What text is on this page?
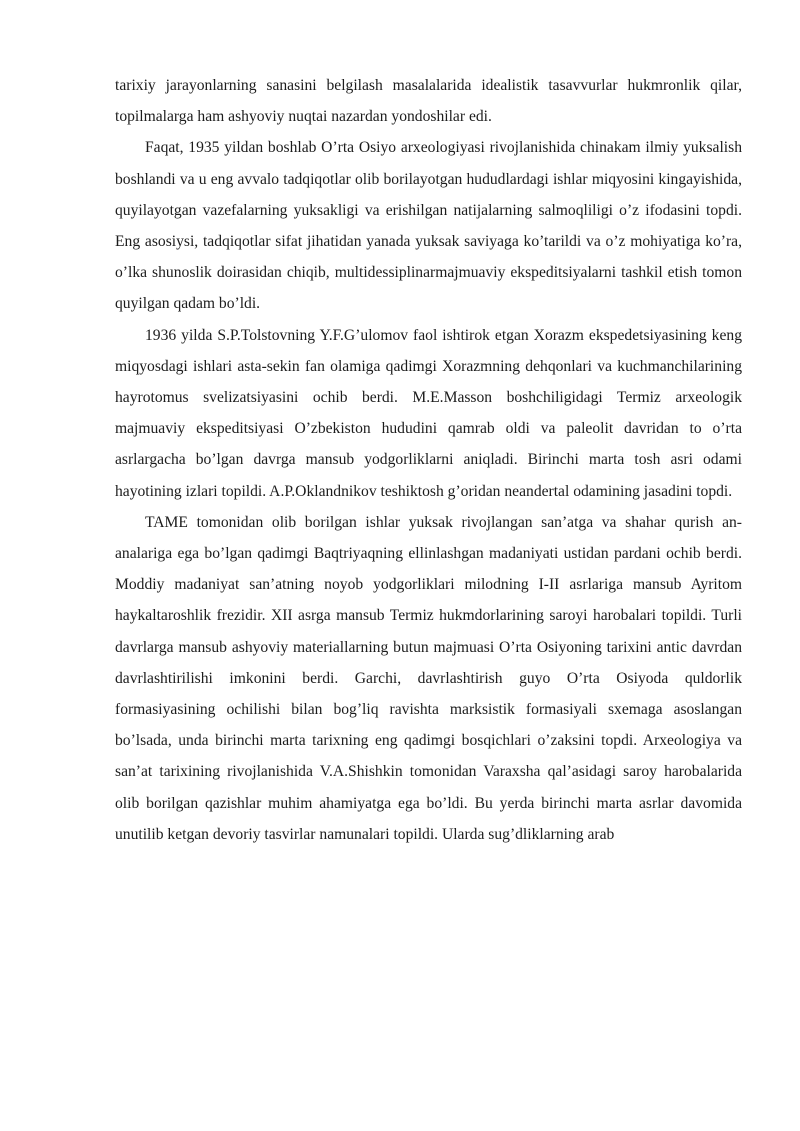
tarixiy jarayonlarning sanasini belgilash masalalarida idealistik tasavvurlar hukmronlik qilar, topilmalarga ham ashyoviy nuqtai nazardan yondoshilar edi.

Faqat, 1935 yildan boshlab O’rta Osiyo arxeologiyasi rivojlanishida chinakam ilmiy yuksalish boshlandi va u eng avvalo tadqiqotlar olib borilayotgan hududlardagi ishlar miqyosini kingayishida, quyilayotgan vazefalarning yuksakligi va erishilgan natijalarning salmoqliligi o’z ifodasini topdi. Eng asosiysi, tadqiqotlar sifat jihatidan yanada yuksak saviyaga ko’tarildi va o’z mohiyatiga ko’ra, o’lka shunoslik doirasidan chiqib, multidessiplinarmajmuaviy ekspeditsiyalarni tashkil etish tomon quyilgan qadam bo’ldi.

1936 yilda S.P.Tolstovning Y.F.G’ulomov faol ishtirok etgan Xorazm ekspedetsiyasining keng miqyosdagi ishlari asta-sekin fan olamiga qadimgi Xorazmning dehqonlari va kuchmanchilarining hayrotomus svelizatsiyasini ochib berdi. M.E.Masson boshchiligidagi Termiz arxeologik majmuaviy ekspeditsiyasi O’zbekiston hududini qamrab oldi va paleolit davridan to o’rta asrlargacha bo’lgan davrga mansub yodgorliklarni aniqladi. Birinchi marta tosh asri odami hayotining izlari topildi. A.P.Oklandnikov teshiktosh g’oridan neandertal odamining jasadini topdi.

TAME tomonidan olib borilgan ishlar yuksak rivojlangan san’atga va shahar qurish an-analariga ega bo’lgan qadimgi Baqtriyaqning ellinlashgan madaniyati ustidan pardani ochib berdi. Moddiy madaniyat san’atning noyob yodgorliklari milodning I-II asrlariga mansub Ayritom haykaltaroshlik frezidir. XII asrga mansub Termiz hukmdorlarining saroyi harobalari topildi. Turli davrlarga mansub ashyoviy materiallarning butun majmuasi O’rta Osiyoning tarixini antic davrdan davrlashtirilishi imkonini berdi. Garchi, davrlashtirish guyo O’rta Osiyoda quldorlik formasiyasining ochilishi bilan bog’liq ravishta marksistik formasiyali sxemaga asoslangan bo’lsada, unda birinchi marta tarixning eng qadimgi bosqichlari o’zaksini topdi. Arxeologiya va san’at tarixining rivojlanishida V.A.Shishkin tomonidan Varaxsha qal’asidagi saroy harobalarida olib borilgan qazishlar muhim ahamiyatga ega bo’ldi. Bu yerda birinchi marta asrlar davomida unutilib ketgan devoriy tasvirlar namunalari topildi. Ularda sug’dliklarning arab
